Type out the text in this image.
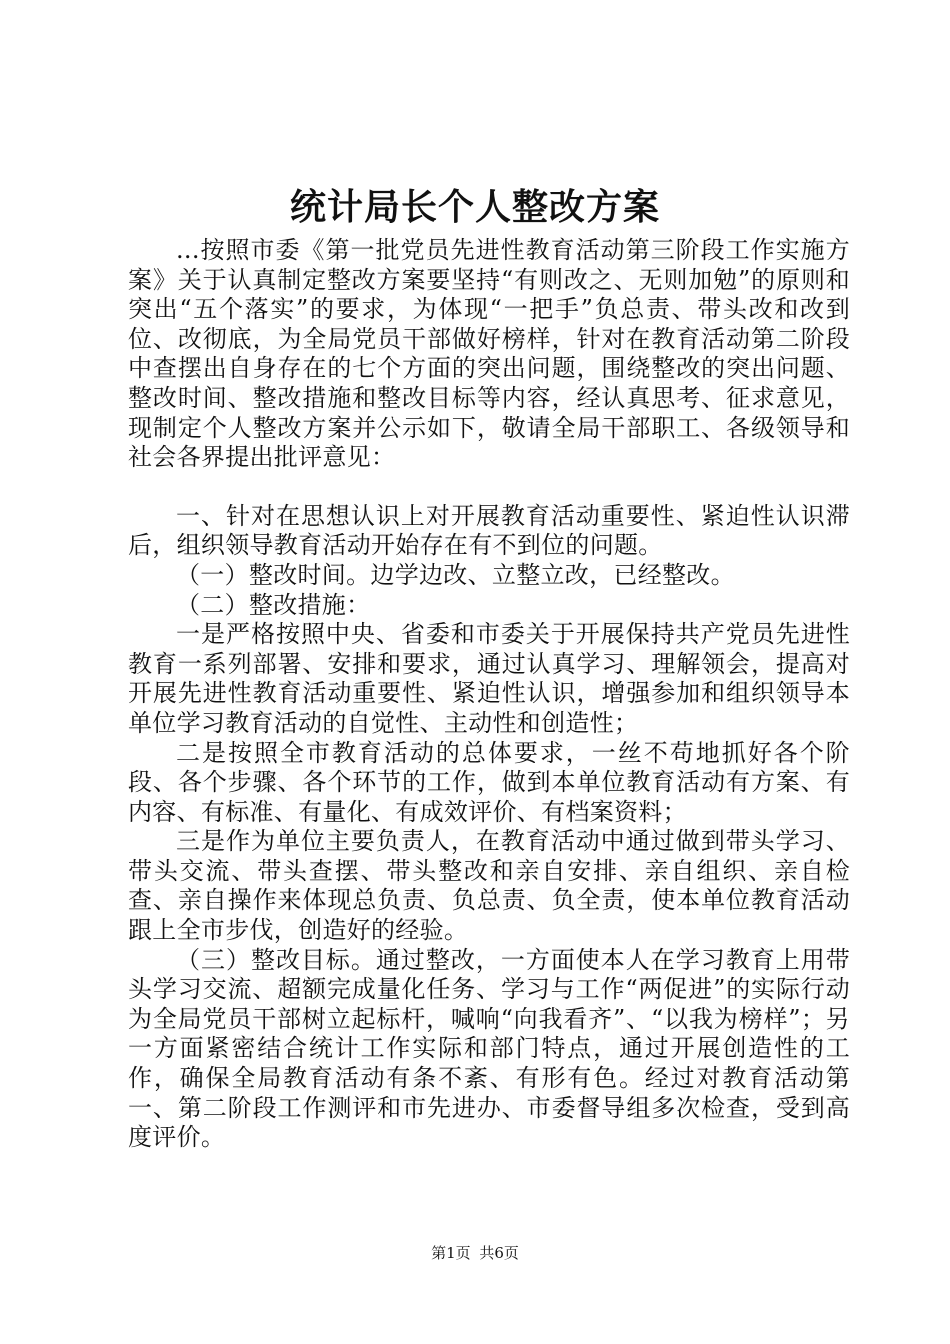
统计局长个人整改方案

...按照市委《第一批党员先进性教育活动第三阶段工作实施方案》关于认真制定整改方案要坚持“有则改之、无则加勉”的原则和突出“五个落实”的要求，为体现“一把手”负总责、带头改和改到位、改彻底，为全局党员干部做好榜样，针对在教育活动第二阶段中查摆出自身存在的七个方面的突出问题，围绕整改的突出问题、整改时间、整改措施和整改目标等内容，经认真思考、征求意见，现制定个人整改方案并公示如下，敬请全局干部职工、各级领导和社会各界提出批评意见：

一、针对在思想认识上对开展教育活动重要性、紧迫性认识滞后，组织领导教育活动开始存在有不到位的问题。

（一）整改时间。边学边改、立整立改，已经整改。

（二）整改措施：

一是严格按照中央、省委和市委关于开展保持共产党员先进性教育一系列部署、安排和要求，通过认真学习、理解领会，提高对开展先进性教育活动重要性、紧迫性认识，增强参加和组织领导本单位学习教育活动的自觉性、主动性和创造性；

二是按照全市教育活动的总体要求，一丝不苟地抓好各个阶段、各个步骤、各个环节的工作，做到本单位教育活动有方案、有内容、有标准、有量化、有成效评价、有档案资料；

三是作为单位主要负责人，在教育活动中通过做到带头学习、带头交流、带头查摆、带头整改和亲自安排、亲自组织、亲自检查、亲自操作来体现总负责、负总责、负全责，使本单位教育活动跟上全市步伐，创造好的经验。

（三）整改目标。通过整改，一方面使本人在学习教育上用带头学习交流、超额完成量化任务、学习与工作“两促进”的实际行动为全局党员干部树立起标杆，喊响“向我看齐”、“以我为榜样”；另一方面紧密结合统计工作实际和部门特点，通过开展创造性的工作，确保全局教育活动有条不紊、有形有色。经过对教育活动第一、第二阶段工作测评和市先进办、市委督导组多次检查，受到高度评价。

第1页 共6页
